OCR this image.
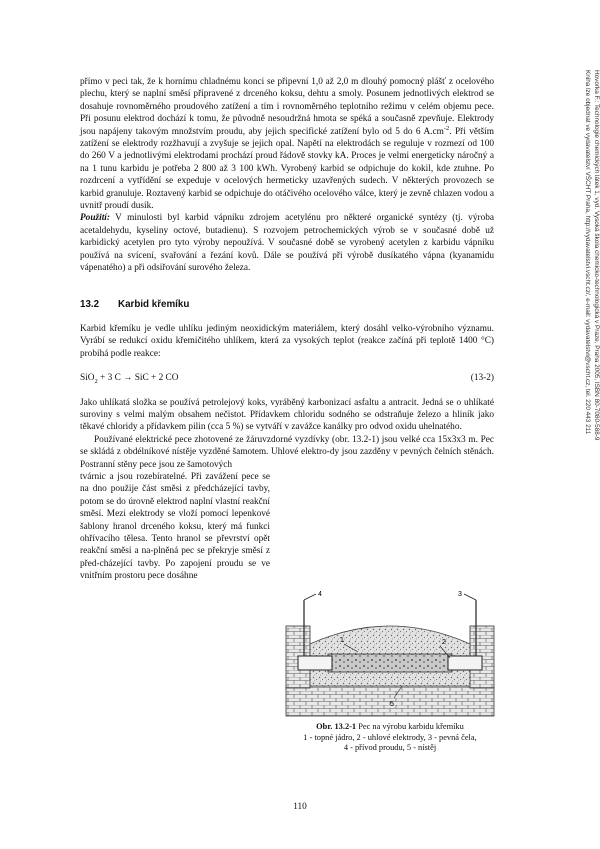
Hovorka F.: Technologie chemických látek 1, vyd. Vysoká škola chemicko-technologická v Praze, Praha 2005, ISBN 80-7080-588-9
Kniha lze objednat ve vydavatelství VŠCHT Praha, http://vydavatelstvi.vscht.cz/, e-mail: vydavatelstvi@vscht.cz, tel. 220 443 211

přímo v peci tak, že k hornímu chladnému konci se připevní 1,0 až 2,0 m dlouhý pomocný plášť z ocelového plechu, který se naplní směsí připravené z drceného koksu, dehtu a smoly. Posunem jednotlivých elektrod se dosahuje rovnoměrného proudového zatížení a tím i rovnoměrného teplotního režimu v celém objemu pece. Při posunu elektrod dochází k tomu, že původně nesoudržná hmota se spéká a současně zpevňuje. Elektrody jsou napájeny takovým množstvím proudu, aby jejich specifické zatížení bylo od 5 do 6 $A.cm^{-2}$. Při větším zatížení se elektrody rozžhavují a zvyšuje se jejich opal. Napětí na elektrodách se reguluje v rozmezí od 100 do 260 V a jednotlivými elektrodami prochází proud řádově stovky kA. Proces je velmi energeticky náročný a na 1 tunu karbidu je potřeba 2 800 až 3 100 kWh. Vyrobený karbid se odpichuje do kokil, kde ztuhne. Po rozdrcení a vytřídění se expeduje v ocelových hermeticky uzavřených sudech. V některých provozech se karbid granuluje. Roztavený karbid se odpichuje do otáčivého ocelového válce, který je zevně chlazen vodou a uvnitř proudí dusík.

Použití: V minulosti byl karbid vápníku zdrojem acetylénu pro některé organické syntézy (tj. výroba acetaldehydu, kyseliny octové, butadienu). S rozvojem petrochemických výrob se v současné době už karbidický acetylen pro tyto výroby nepoužívá. V současné době se vyrobený acetylen z karbidu vápníku používá na svícení, svařování a řezání kovů. Dále se používá při výrobě dusíkatého vápna (kyanamidu vápenatého) a při odsiřování surového železa.

13.2 Karbid křemíku

Karbid křemíku je vedle uhlíku jediným neoxidickým materiálem, který dosáhl velko-výrobního významu. Vyrábí se redukcí oxidu křemičitého uhlíkem, která za vysokých teplot (reakce začíná při teplotě 1400 °C) probíhá podle reakce:

SiO$_2$ + 3 C → SiC + 2 CO	(13-2)

Jako uhlíkatá složka se používá petrolejový koks, vyráběný karbonizací asfaltu a antracit. Jedná se o uhlíkaté suroviny s velmi malým obsahem nečistot. Přídavkem chloridu sodného se odstraňuje železo a hliník jako těkavé chloridy a přídavkem pilin (cca 5 %) se vytváří v zavážce kanálky pro odvod oxidu uhelnatého.

Používané elektrické pece zhotovené ze žáruvzdorné vyzdívky (obr. 13.2-1) jsou velké cca 15x3x3 m. Pec se skládá z obdélníkové nístěje vyzděné šamotem. Uhlové elektro-dy jsou zazděny v pevných čelních stěnách. Postranní stěny pece jsou ze šamotových

tvárnic a jsou rozebíratelné. Při zavážení pece se na dno použije část směsi z předcházející tavby, potom se do úrovně elektrod naplní vlastní reakční směsí. Mezi elektrody se vloží pomocí lepenkové šablony hranol drceného koksu, který má funkci ohřívacího tělesa. Tento hranol se převrství opět reakční směsí a na-plněná pec se překryje směsí z před-cházející tavby. Po zapojení proudu se ve vnitřním prostoru pece dosáhne

4	3
1	2
5
Obr. 13.2-1 Pec na výrobu karbidu křemíku
1 - topné jádro, 2 - uhlové elektrody, 3 - pevná čela,
4 - přívod proudu, 5 - nístěj
110
